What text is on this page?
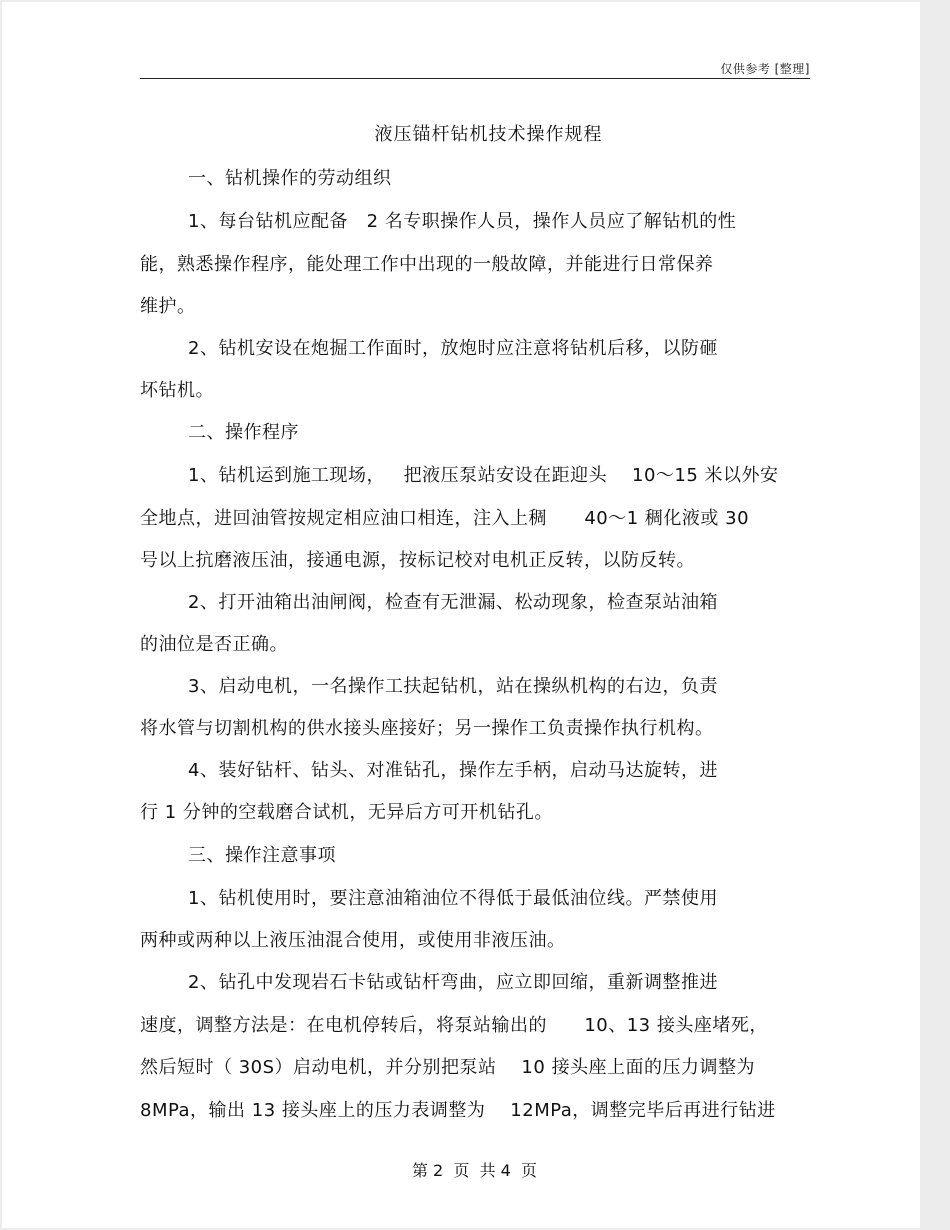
仅供参考 [整理]
液压锚杆钻机技术操作规程
一、钻机操作的劳动组织
1、每台钻机应配备   2 名专职操作人员，操作人员应了解钻机的性
能，熟悉操作程序，能处理工作中出现的一般故障，并能进行日常保养
维护。
2、钻机安设在炮掘工作面时，放炮时应注意将钻机后移，以防砸
坏钻机。
二、操作程序
1、钻机运到施工现场，   把液压泵站安设在距迎头    10～15 米以外安
全地点，进回油管按规定相应油口相连，注入上稠      40～1 稠化液或 30
号以上抗磨液压油，接通电源，按标记校对电机正反转，以防反转。
2、打开油箱出油闸阀，检查有无泄漏、松动现象，检查泵站油箱
的油位是否正确。
3、启动电机，一名操作工扶起钻机，站在操纵机构的右边，负责
将水管与切割机构的供水接头座接好；另一操作工负责操作执行机构。
4、装好钻杆、钻头、对准钻孔，操作左手柄，启动马达旋转，进
行 1 分钟的空载磨合试机，无异后方可开机钻孔。
三、操作注意事项
1、钻机使用时，要注意油箱油位不得低于最低油位线。严禁使用
两种或两种以上液压油混合使用，或使用非液压油。
2、钻孔中发现岩石卡钻或钻杆弯曲，应立即回缩，重新调整推进
速度，调整方法是：在电机停转后，将泵站输出的      10、13 接头座堵死，
然后短时（ 30S）启动电机，并分别把泵站    10 接头座上面的压力调整为
8MPa，输出 13 接头座上的压力表调整为    12MPa，调整完毕后再进行钻进
第 2  页  共 4  页
